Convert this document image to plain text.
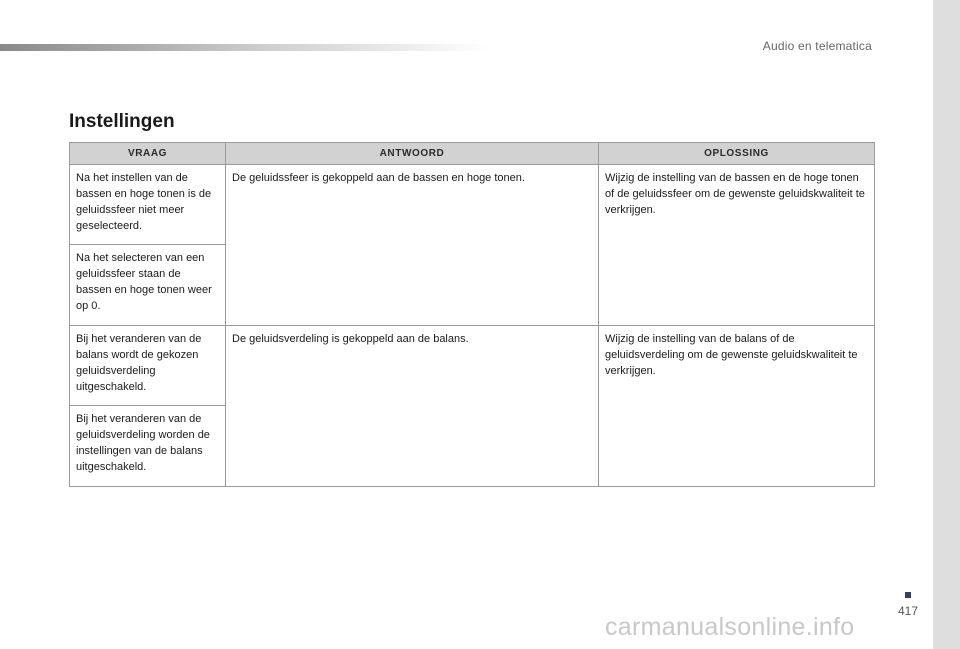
Audio en telematica
Instellingen
VRAAG	ANTWOORD	OPLOSSING
Na het instellen van de bassen en hoge tonen is de geluidssfeer niet meer geselecteerd.	De geluidssfeer is gekoppeld aan de bassen en hoge tonen.	Wijzig de instelling van de bassen en de hoge tonen of de geluidssfeer om de gewenste geluidskwaliteit te verkrijgen.
Na het selecteren van een geluidssfeer staan de bassen en hoge tonen weer op 0.		
Bij het veranderen van de balans wordt de gekozen geluidsverdeling uitgeschakeld.	De geluidsverdeling is gekoppeld aan de balans.	Wijzig de instelling van de balans of de geluidsverdeling om de gewenste geluidskwaliteit te verkrijgen.
Bij het veranderen van de geluidsverdeling worden de instellingen van de balans uitgeschakeld.		
417
carmanualsonline.info
